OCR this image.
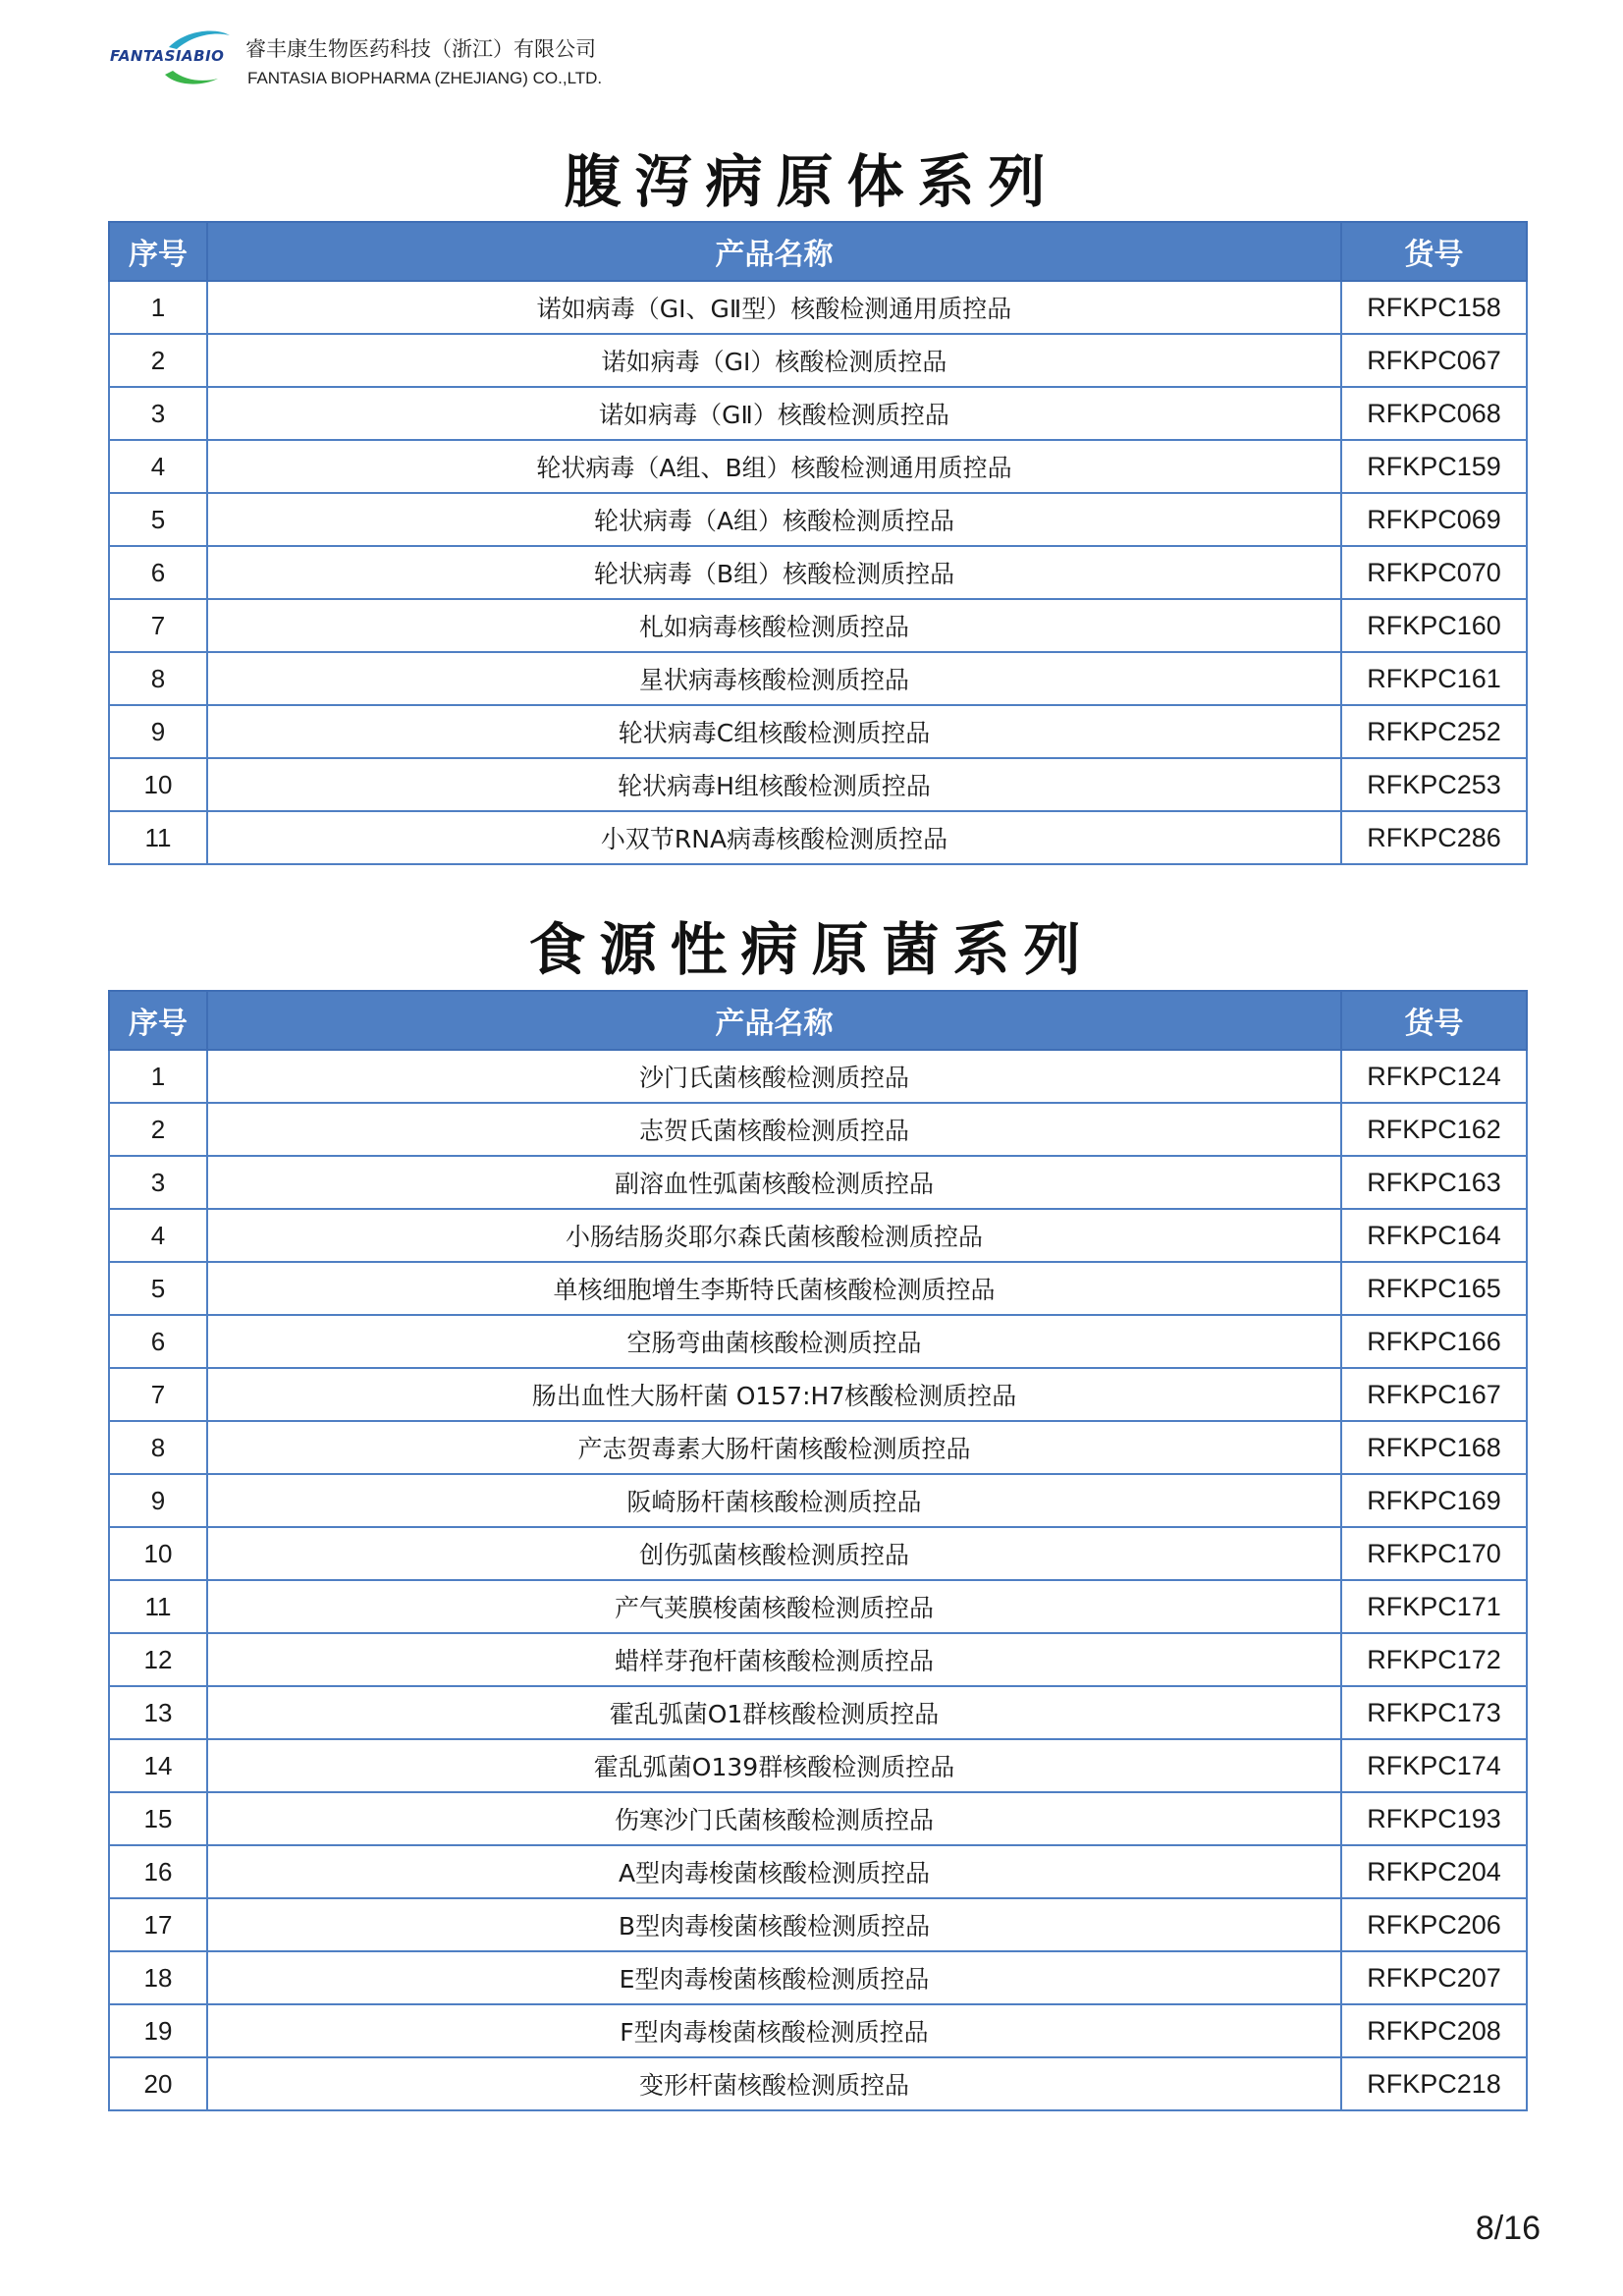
FANTASIABIO 睿丰康生物医药科技（浙江）有限公司
FANTASIA BIOPHARMA (ZHEJIANG) CO.,LTD.
腹泻病原体系列
序号	产品名称	货号
1	诺如病毒（GⅠ、GⅡ型）核酸检测通用质控品	RFKPC158
2	诺如病毒（GⅠ）核酸检测质控品	RFKPC067
3	诺如病毒（GⅡ）核酸检测质控品	RFKPC068
4	轮状病毒（A组、B组）核酸检测通用质控品	RFKPC159
5	轮状病毒（A组）核酸检测质控品	RFKPC069
6	轮状病毒（B组）核酸检测质控品	RFKPC070
7	札如病毒核酸检测质控品	RFKPC160
8	星状病毒核酸检测质控品	RFKPC161
9	轮状病毒C组核酸检测质控品	RFKPC252
10	轮状病毒H组核酸检测质控品	RFKPC253
11	小双节RNA病毒核酸检测质控品	RFKPC286
食源性病原菌系列
序号	产品名称	货号
1	沙门氏菌核酸检测质控品	RFKPC124
2	志贺氏菌核酸检测质控品	RFKPC162
3	副溶血性弧菌核酸检测质控品	RFKPC163
4	小肠结肠炎耶尔森氏菌核酸检测质控品	RFKPC164
5	单核细胞增生李斯特氏菌核酸检测质控品	RFKPC165
6	空肠弯曲菌核酸检测质控品	RFKPC166
7	肠出血性大肠杆菌 O157:H7核酸检测质控品	RFKPC167
8	产志贺毒素大肠杆菌核酸检测质控品	RFKPC168
9	阪崎肠杆菌核酸检测质控品	RFKPC169
10	创伤弧菌核酸检测质控品	RFKPC170
11	产气荚膜梭菌核酸检测质控品	RFKPC171
12	蜡样芽孢杆菌核酸检测质控品	RFKPC172
13	霍乱弧菌O1群核酸检测质控品	RFKPC173
14	霍乱弧菌O139群核酸检测质控品	RFKPC174
15	伤寒沙门氏菌核酸检测质控品	RFKPC193
16	A型肉毒梭菌核酸检测质控品	RFKPC204
17	B型肉毒梭菌核酸检测质控品	RFKPC206
18	E型肉毒梭菌核酸检测质控品	RFKPC207
19	F型肉毒梭菌核酸检测质控品	RFKPC208
20	变形杆菌核酸检测质控品	RFKPC218
8/16
